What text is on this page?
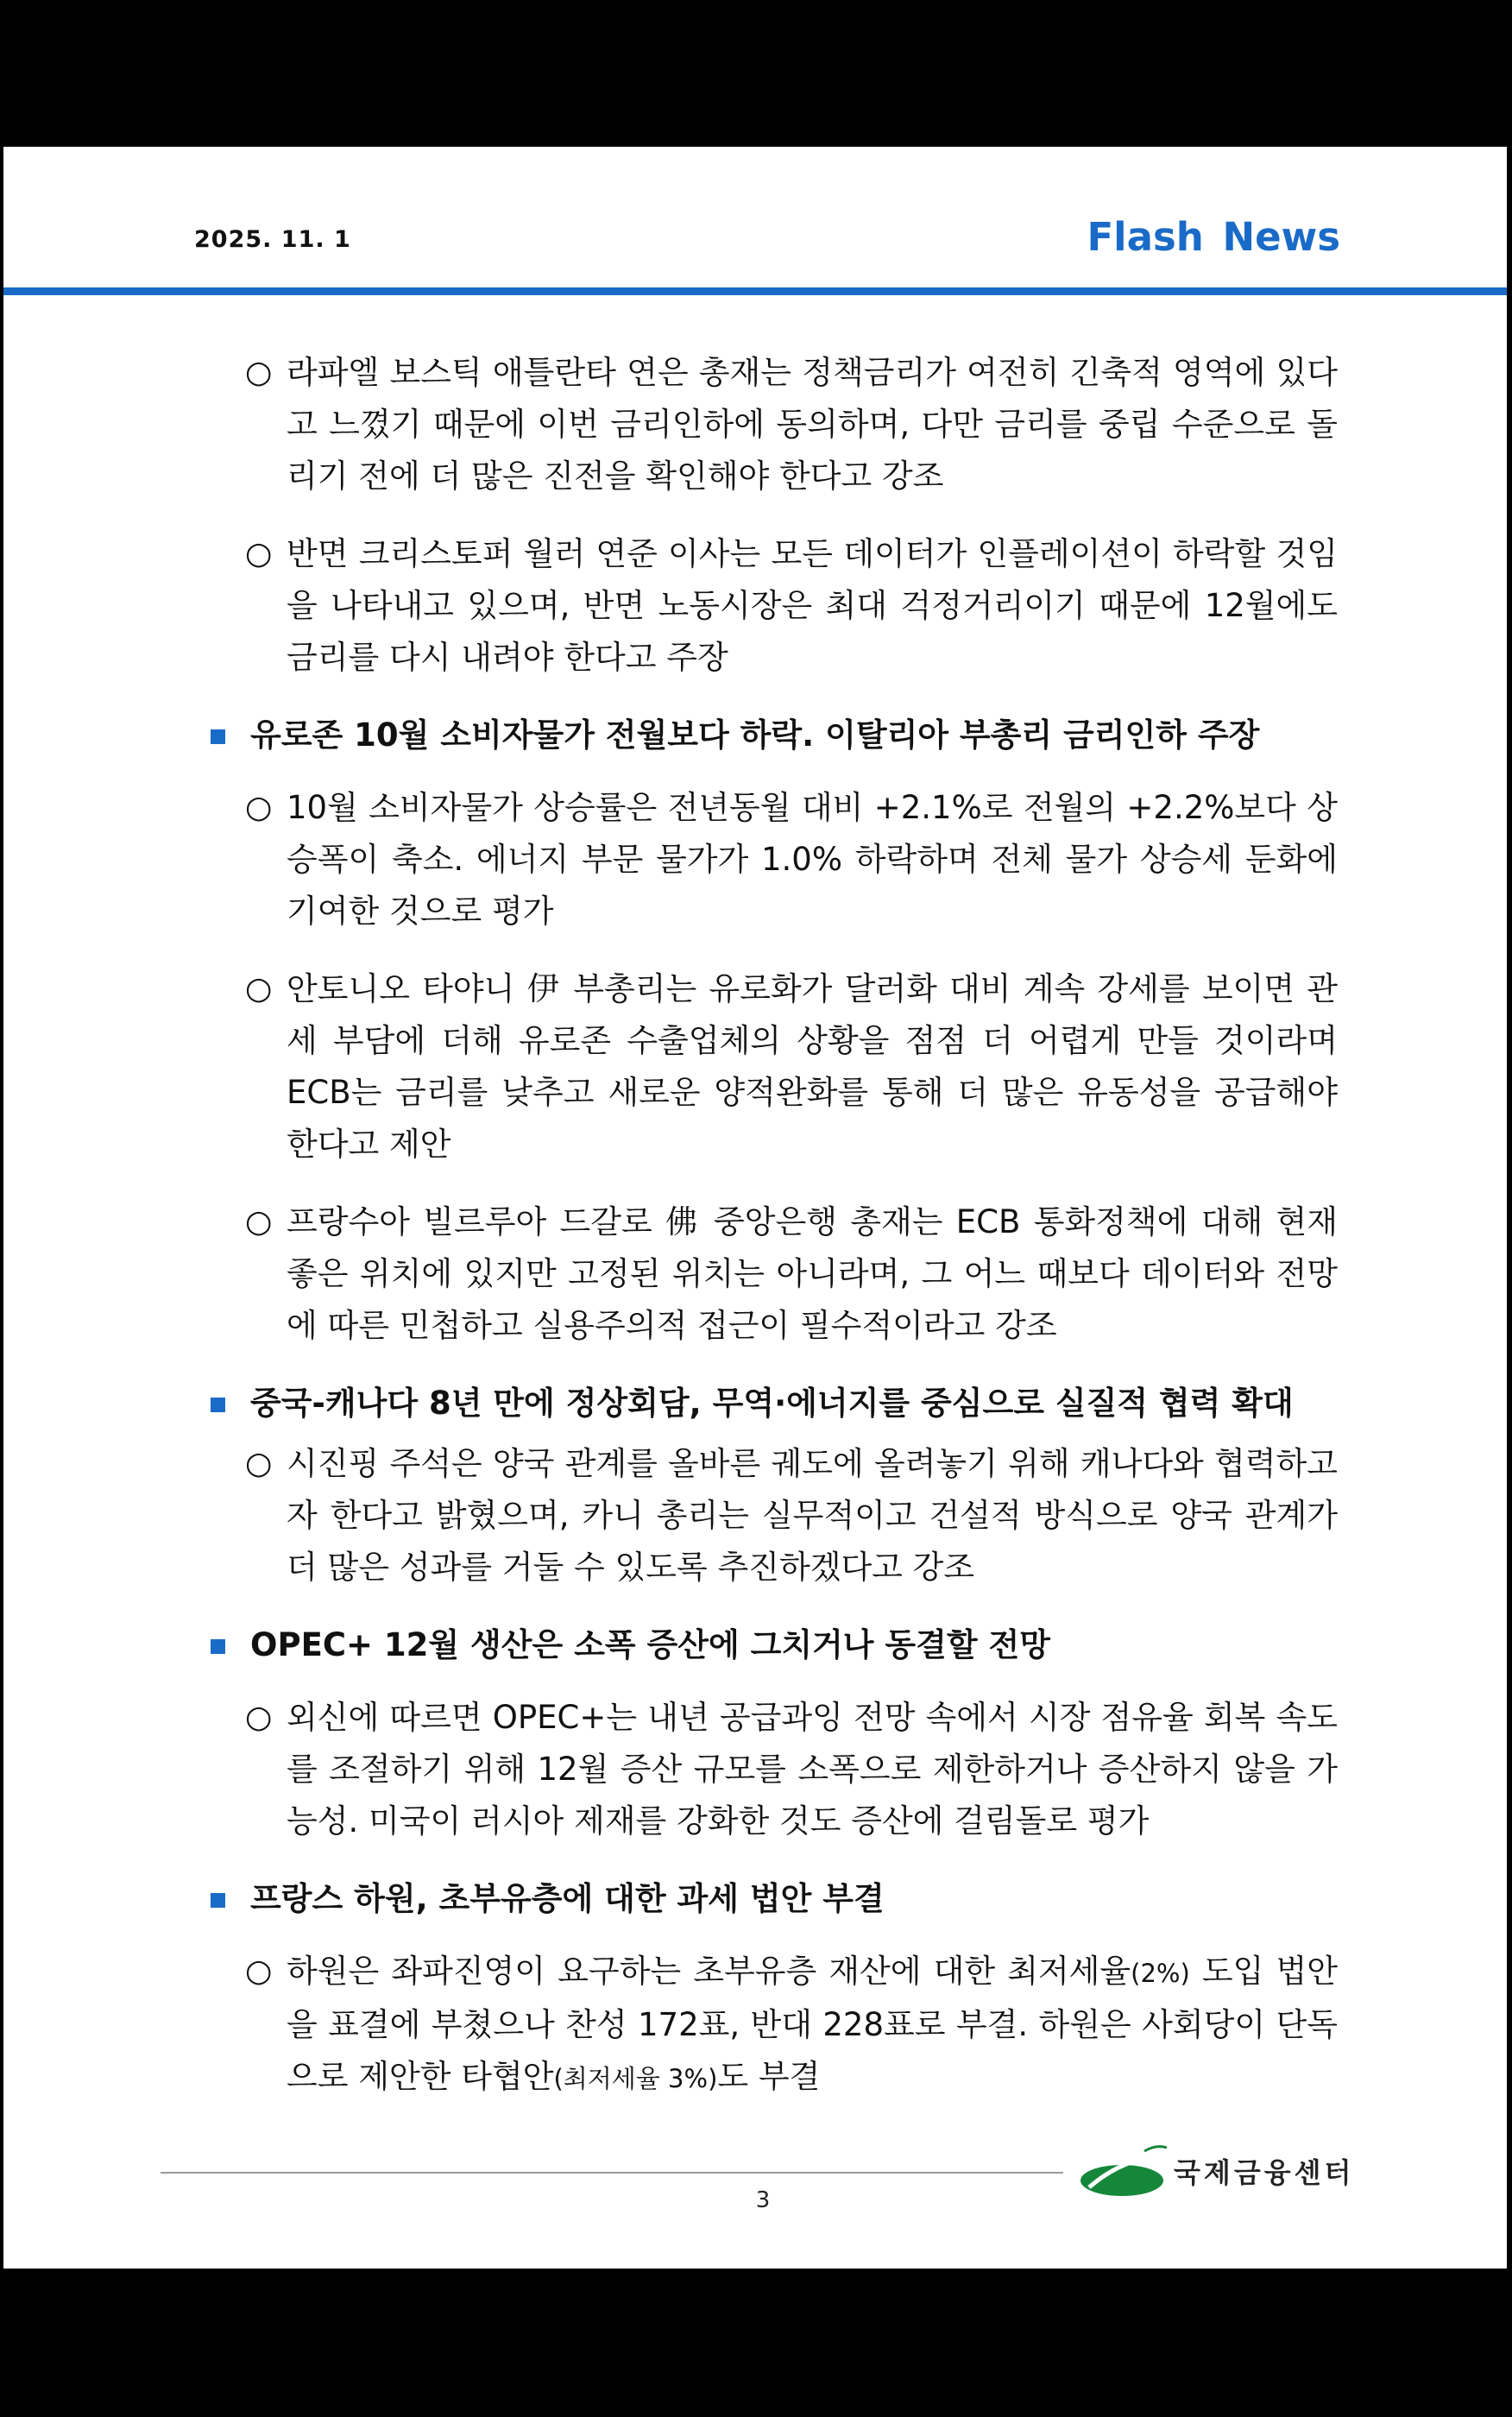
2025. 11. 1	Flash News
○ 라파엘 보스틱 애틀란타 연은 총재는 정책금리가 여전히 긴축적 영역에 있다고 느꼈기 때문에 이번 금리인하에 동의하며, 다만 금리를 중립 수준으로 돌리기 전에 더 많은 진전을 확인해야 한다고 강조
○ 반면 크리스토퍼 월러 연준 이사는 모든 데이터가 인플레이션이 하락할 것임을 나타내고 있으며, 반면 노동시장은 최대 걱정거리이기 때문에 12월에도 금리를 다시 내려야 한다고 주장
유로존 10월 소비자물가 전월보다 하락. 이탈리아 부총리 금리인하 주장
○ 10월 소비자물가 상승률은 전년동월 대비 +2.1%로 전월의 +2.2%보다 상승폭이 축소. 에너지 부문 물가가 1.0% 하락하며 전체 물가 상승세 둔화에 기여한 것으로 평가
○ 안토니오 타야니 伊 부총리는 유로화가 달러화 대비 계속 강세를 보이면 관세 부담에 더해 유로존 수출업체의 상황을 점점 더 어렵게 만들 것이라며 ECB는 금리를 낮추고 새로운 양적완화를 통해 더 많은 유동성을 공급해야 한다고 제안
○ 프랑수아 빌르루아 드갈로 佛 중앙은행 총재는 ECB 통화정책에 대해 현재 좋은 위치에 있지만 고정된 위치는 아니라며, 그 어느 때보다 데이터와 전망에 따른 민첩하고 실용주의적 접근이 필수적이라고 강조
중국-캐나다 8년 만에 정상회담, 무역·에너지를 중심으로 실질적 협력 확대
○ 시진핑 주석은 양국 관계를 올바른 궤도에 올려놓기 위해 캐나다와 협력하고자 한다고 밝혔으며, 카니 총리는 실무적이고 건설적 방식으로 양국 관계가 더 많은 성과를 거둘 수 있도록 추진하겠다고 강조
OPEC+ 12월 생산은 소폭 증산에 그치거나 동결할 전망
○ 외신에 따르면 OPEC+는 내년 공급과잉 전망 속에서 시장 점유율 회복 속도를 조절하기 위해 12월 증산 규모를 소폭으로 제한하거나 증산하지 않을 가능성. 미국이 러시아 제재를 강화한 것도 증산에 걸림돌로 평가
프랑스 하원, 초부유층에 대한 과세 법안 부결
○ 하원은 좌파진영이 요구하는 초부유층 재산에 대한 최저세율(2%) 도입 법안을 표결에 부쳤으나 찬성 172표, 반대 228표로 부결. 하원은 사회당이 단독으로 제안한 타협안(최저세율 3%)도 부결
국제금융센터
3
